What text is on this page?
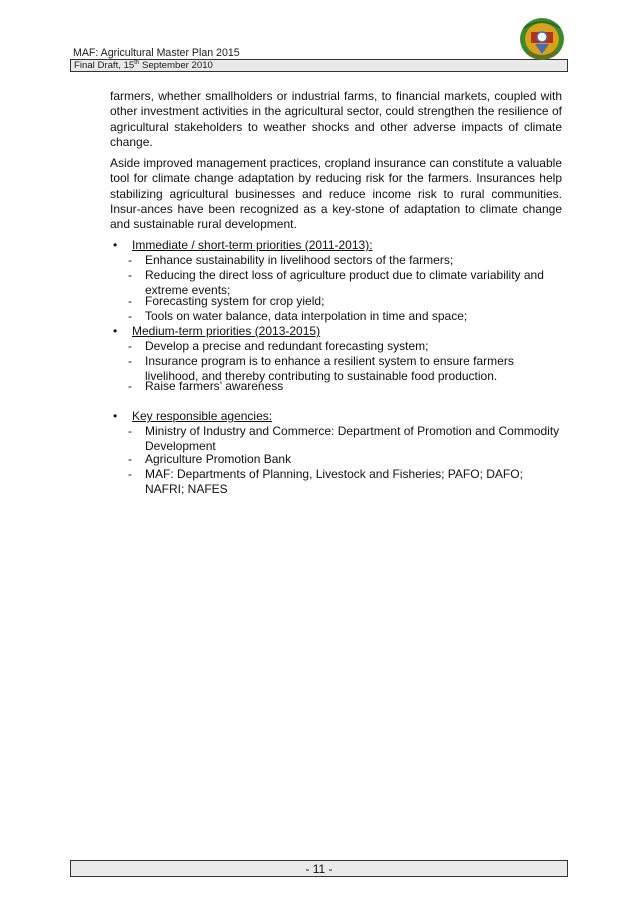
MAF: Agricultural Master Plan 2015
Final Draft, 15th September 2010

farmers, whether smallholders or industrial farms, to financial markets, coupled with other investment activities in the agricultural sector, could strengthen the resilience of agricultural stakeholders to weather shocks and other adverse impacts of climate change.

Aside improved management practices, cropland insurance can constitute a valuable tool for climate change adaptation by reducing risk for the farmers. Insurances help stabilizing agricultural businesses and reduce income risk to rural communities. Insur-ances have been recognized as a key-stone of adaptation to climate change and sustainable rural development.

• Immediate / short-term priorities (2011-2013):
- Enhance sustainability in livelihood sectors of the farmers;

- Reducing the direct loss of agriculture product due to climate variability and extreme events;

- Forecasting system for crop yield;

- Tools on water balance, data interpolation in time and space;

• Medium-term priorities (2013-2015)
- Develop a precise and redundant forecasting system;

- Insurance program is to enhance a resilient system to ensure farmers livelihood, and thereby contributing to sustainable food production.

- Raise farmers’ awareness

• Key responsible agencies:
- Ministry of Industry and Commerce: Department of Promotion and Commodity Development

- Agriculture Promotion Bank

- MAF: Departments of Planning, Livestock and Fisheries; PAFO; DAFO; NAFRI; NAFES

- 11 -
